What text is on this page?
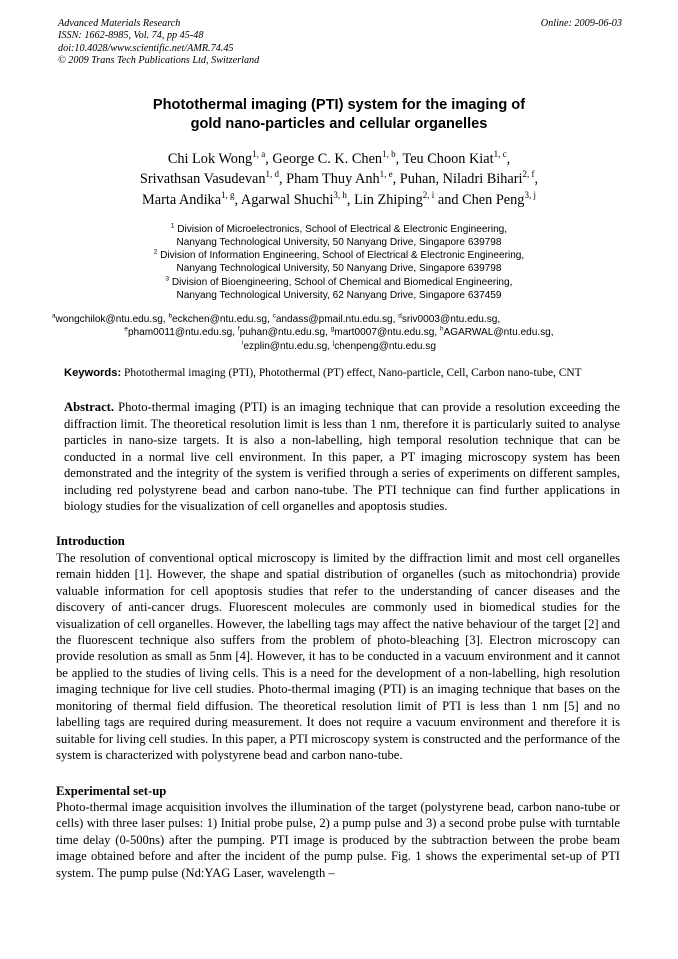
Advanced Materials Research
ISSN: 1662-8985, Vol. 74, pp 45-48
doi:10.4028/www.scientific.net/AMR.74.45
© 2009 Trans Tech Publications Ltd, Switzerland
Online: 2009-06-03
Photothermal imaging (PTI) system for the imaging of
gold nano-particles and cellular organelles
Chi Lok Wong$^{1, a}$, George C. K. Chen$^{1, b}$, Teu Choon Kiat$^{1, c}$,
Srivathsan Vasudevan$^{1, d}$, Pham Thuy Anh$^{1, e}$, Puhan, Niladri Bihari$^{2, f}$,
Marta Andika$^{1, g}$, Agarwal Shuchi$^{3, h}$, Lin Zhiping$^{2, i}$ and Chen Peng$^{3, j}$
$^1$ Division of Microelectronics, School of Electrical & Electronic Engineering,
Nanyang Technological University, 50 Nanyang Drive, Singapore 639798
$^2$ Division of Information Engineering, School of Electrical & Electronic Engineering,
Nanyang Technological University, 50 Nanyang Drive, Singapore 639798
$^3$ Division of Bioengineering, School of Chemical and Biomedical Engineering,
Nanyang Technological University, 62 Nanyang Drive, Singapore 637459
$^a$wongchilok@ntu.edu.sg, $^b$eckchen@ntu.edu.sg, $^c$andass@pmail.ntu.edu.sg, $^d$sriv0003@ntu.edu.sg,
$^e$pham0011@ntu.edu.sg, $^f$puhan@ntu.edu.sg, $^g$mart0007@ntu.edu.sg, $^h$AGARWAL@ntu.edu.sg,
$^i$ezplin@ntu.edu.sg, $^j$chenpeng@ntu.edu.sg
Keywords: Photothermal imaging (PTI), Photothermal (PT) effect, Nano-particle, Cell, Carbon nano-tube, CNT
Abstract. Photo-thermal imaging (PTI) is an imaging technique that can provide a resolution exceeding the diffraction limit. The theoretical resolution limit is less than 1 nm, therefore it is particularly suited to analyse particles in nano-size targets. It is also a non-labelling, high temporal resolution technique that can be conducted in a normal live cell environment. In this paper, a PT imaging microscopy system has been demonstrated and the integrity of the system is verified through a series of experiments on different samples, including red polystyrene bead and carbon nano-tube. The PTI technique can find further applications in biology studies for the visualization of cell organelles and apoptosis studies.
Introduction

The resolution of conventional optical microscopy is limited by the diffraction limit and most cell organelles remain hidden [1]. However, the shape and spatial distribution of organelles (such as mitochondria) provide valuable information for cell apoptosis studies that refer to the understanding of cancer diseases and the discovery of anti-cancer drugs. Fluorescent molecules are commonly used in biomedical studies for the visualization of cell organelles. However, the labelling tags may affect the native behaviour of the target [2] and the fluorescent technique also suffers from the problem of photo-bleaching [3]. Electron microscopy can provide resolution as small as 5nm [4]. However, it has to be conducted in a vacuum environment and it cannot be applied to the studies of living cells. This is a need for the development of a non-labelling, high resolution imaging technique for live cell studies. Photo-thermal imaging (PTI) is an imaging technique that bases on the monitoring of thermal field diffusion. The theoretical resolution limit of PTI is less than 1 nm [5] and no labelling tags are required during measurement. It does not require a vacuum environment and therefore it is suitable for living cell studies. In this paper, a PTI microscopy system is constructed and the performance of the system is characterized with polystyrene bead and carbon nano-tube.

Experimental set-up

Photo-thermal image acquisition involves the illumination of the target (polystyrene bead, carbon nano-tube or cells) with three laser pulses: 1) Initial probe pulse, 2) a pump pulse and 3) a second probe pulse with turntable time delay (0-500ns) after the pumping. PTI image is produced by the subtraction between the probe beam image obtained before and after the incident of the pump pulse. Fig. 1 shows the experimental set-up of PTI system. The pump pulse (Nd:YAG Laser, wavelength –
